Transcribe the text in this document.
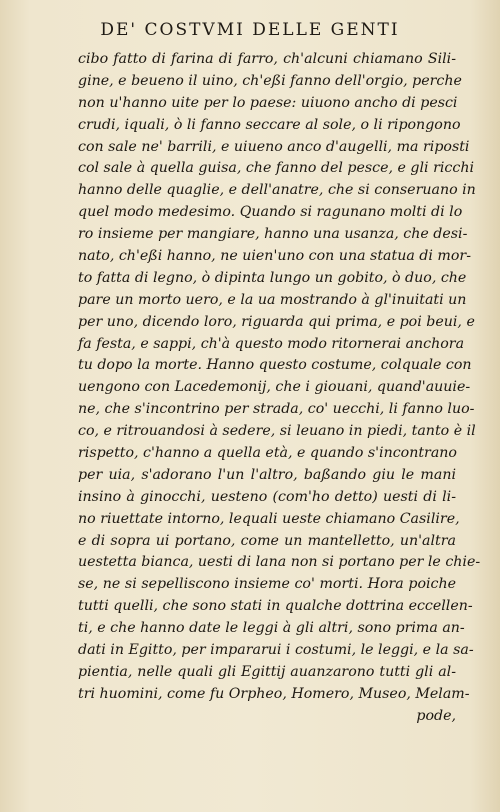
DE' COSTVMI DELLE GENTI
cibo fatto di farina di farro, ch'alcuni chiamano Sili-
gine, e beueno il uino, ch'eßi fanno dell'orgio, perche
non u'hanno uite per lo paese: uiuono ancho di pesci
crudi, iquali, ò li fanno seccare al sole, o li ripongono
con sale ne' barrili, e uiueno anco d'augelli, ma riposti
col sale à quella guisa, che fanno del pesce, e gli ricchi
hanno delle quaglie, e dell'anatre, che si conseruano in
quel modo medesimo. Quando si ragunano molti di lo
ro insieme per mangiare, hanno una usanza, che desi-
nato, ch'eßi hanno, ne uien'uno con una statua di mor-
to fatta di legno, ò dipinta lungo un gobito, ò duo, che
pare un morto uero, e la ua mostrando à gl'inuitati un
per uno, dicendo loro, riguarda qui prima, e poi beui, e
fa festa, e sappi, ch'à questo modo ritornerai anchora
tu dopo la morte. Hanno questo costume, colquale con
uengono con Lacedemonij, che i giouani, quand'auuie-
ne, che s'incontrino per strada, co' uecchi, li fanno luo-
co, e ritrouandosi à sedere, si leuano in piedi, tanto è il
rispetto, c'hanno a quella età, e quando s'incontrano
per uia, s'adorano l'un l'altro, baßando giu le mani
insino à ginocchi, uesteno (com'ho detto) uesti di li-
no riuettate intorno, lequali ueste chiamano Casilire,
e di sopra ui portano, come un mantelletto, un'altra
uestetta bianca, uesti di lana non si portano per le chie-
se, ne si sepelliscono insieme co' morti. Hora poiche
tutti quelli, che sono stati in qualche dottrina eccellen-
ti, e che hanno date le leggi à gli altri, sono prima an-
dati in Egitto, per impararui i costumi, le leggi, e la sa-
pientia, nelle quali gli Egittij auanzarono tutti gli al-
tri huomini, come fu Orpheo, Homero, Museo, Melam-
pode,
